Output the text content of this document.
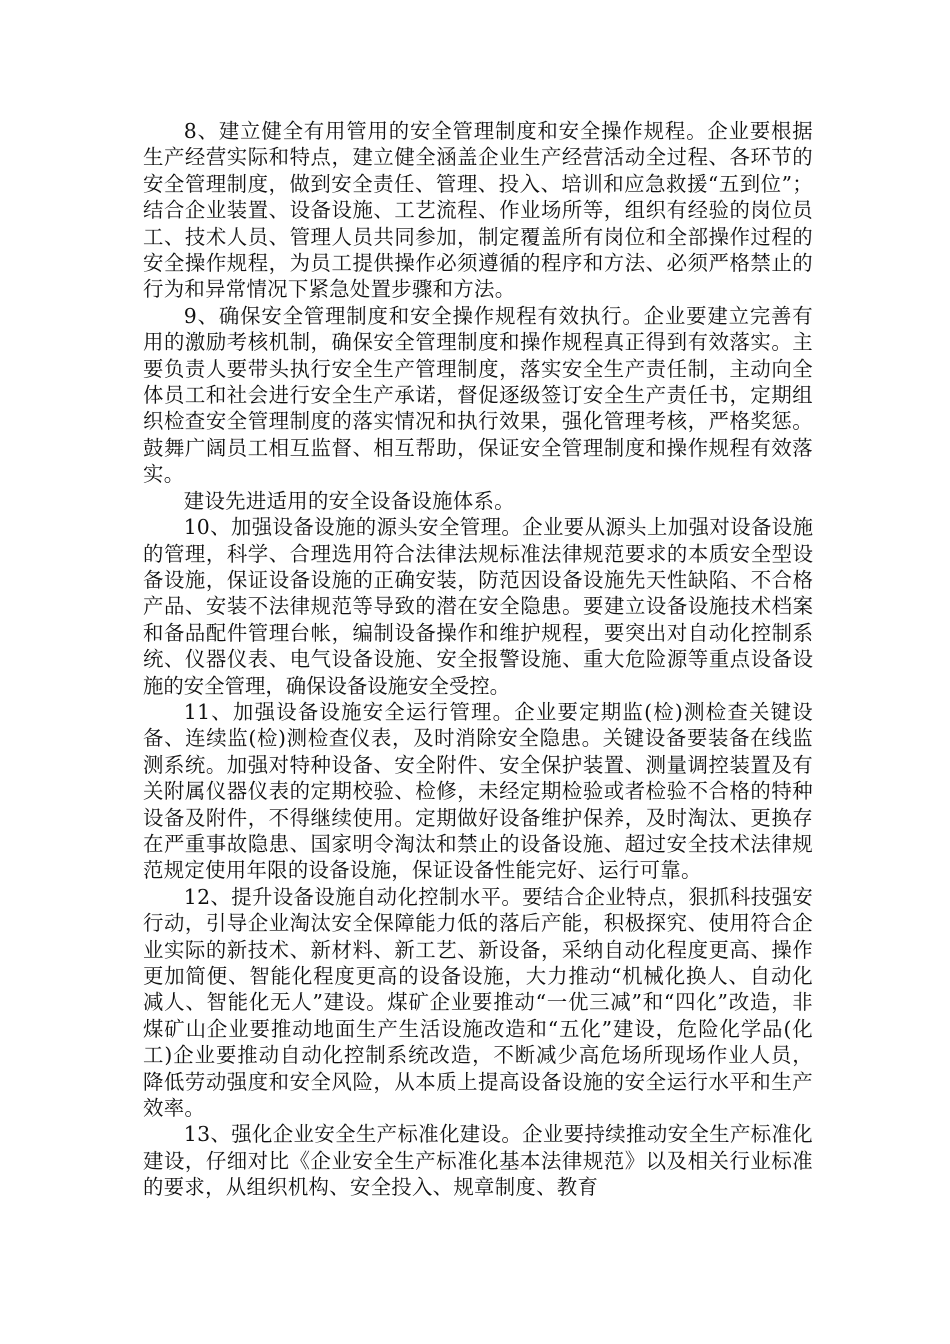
8、建立健全有用管用的安全管理制度和安全操作规程。企业要根据生产经营实际和特点，建立健全涵盖企业生产经营活动全过程、各环节的安全管理制度，做到安全责任、管理、投入、培训和应急救援“五到位”；结合企业装置、设备设施、工艺流程、作业场所等，组织有经验的岗位员工、技术人员、管理人员共同参加，制定覆盖所有岗位和全部操作过程的安全操作规程，为员工提供操作必须遵循的程序和方法、必须严格禁止的行为和异常情况下紧急处置步骤和方法。

9、确保安全管理制度和安全操作规程有效执行。企业要建立完善有用的激励考核机制，确保安全管理制度和操作规程真正得到有效落实。主要负责人要带头执行安全生产管理制度，落实安全生产责任制，主动向全体员工和社会进行安全生产承诺，督促逐级签订安全生产责任书，定期组织检查安全管理制度的落实情况和执行效果，强化管理考核，严格奖惩。鼓舞广阔员工相互监督、相互帮助，保证安全管理制度和操作规程有效落实。

建设先进适用的安全设备设施体系。

10、加强设备设施的源头安全管理。企业要从源头上加强对设备设施的管理，科学、合理选用符合法律法规标准法律规范要求的本质安全型设备设施，保证设备设施的正确安装，防范因设备设施先天性缺陷、不合格产品、安装不法律规范等导致的潜在安全隐患。要建立设备设施技术档案和备品配件管理台帐，编制设备操作和维护规程，要突出对自动化控制系统、仪器仪表、电气设备设施、安全报警设施、重大危险源等重点设备设施的安全管理，确保设备设施安全受控。

11、加强设备设施安全运行管理。企业要定期监(检)测检查关键设备、连续监(检)测检查仪表，及时消除安全隐患。关键设备要装备在线监测系统。加强对特种设备、安全附件、安全保护装置、测量调控装置及有关附属仪器仪表的定期校验、检修，未经定期检验或者检验不合格的特种设备及附件，不得继续使用。定期做好设备维护保养，及时淘汰、更换存在严重事故隐患、国家明令淘汰和禁止的设备设施、超过安全技术法律规范规定使用年限的设备设施，保证设备性能完好、运行可靠。

12、提升设备设施自动化控制水平。要结合企业特点，狠抓科技强安行动，引导企业淘汰安全保障能力低的落后产能，积极探究、使用符合企业实际的新技术、新材料、新工艺、新设备，采纳自动化程度更高、操作更加简便、智能化程度更高的设备设施，大力推动“机械化换人、自动化减人、智能化无人”建设。煤矿企业要推动“一优三减”和“四化”改造，非煤矿山企业要推动地面生产生活设施改造和“五化”建设，危险化学品(化工)企业要推动自动化控制系统改造，不断减少高危场所现场作业人员，降低劳动强度和安全风险，从本质上提高设备设施的安全运行水平和生产效率。

13、强化企业安全生产标准化建设。企业要持续推动安全生产标准化建设，仔细对比《企业安全生产标准化基本法律规范》以及相关行业标准的要求，从组织机构、安全投入、规章制度、教育
